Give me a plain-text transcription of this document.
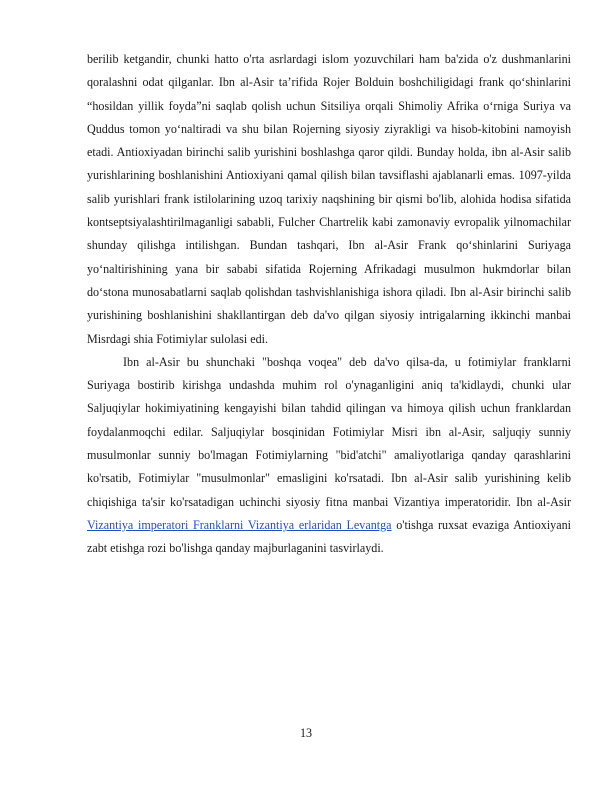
berilib ketgandir, chunki hatto o'rta asrlardagi islom yozuvchilari ham ba'zida o'z dushmanlarini qoralashni odat qilganlar. Ibn al-Asir ta’rifida Rojer Bolduin boshchiligidagi frank qo‘shinlarini “hosildan yillik foyda”ni saqlab qolish uchun Sitsiliya orqali Shimoliy Afrika o‘rniga Suriya va Quddus tomon yo‘naltiradi va shu bilan Rojerning siyosiy ziyrakligi va hisob-kitobini namoyish etadi. Antioxiyadan birinchi salib yurishini boshlashga qaror qildi. Bunday holda, ibn al-Asir salib yurishlarining boshlanishini Antioxiyani qamal qilish bilan tavsiflashi ajablanarli emas. 1097-yilda salib yurishlari frank istilolarining uzoq tarixiy naqshining bir qismi bo'lib, alohida hodisa sifatida kontseptsiyalashtirilmaganligi sababli, Fulcher Chartrelik kabi zamonaviy evropalik yilnomachilar shunday qilishga intilishgan. Bundan tashqari, Ibn al-Asir Frank qo‘shinlarini Suriyaga yo‘naltirishining yana bir sababi sifatida Rojerning Afrikadagi musulmon hukmdorlar bilan do‘stona munosabatlarni saqlab qolishdan tashvishlanishiga ishora qiladi. Ibn al-Asir birinchi salib yurishining boshlanishini shakllantirgan deb da'vo qilgan siyosiy intrigalarning ikkinchi manbai Misrdagi shia Fotimiylar sulolasi edi.

Ibn al-Asir bu shunchaki "boshqa voqea" deb da'vo qilsa-da, u fotimiylar franklarni Suriyaga bostirib kirishga undashda muhim rol o'ynaganligini aniq ta'kidlaydi, chunki ular Saljuqiylar hokimiyatining kengayishi bilan tahdid qilingan va himoya qilish uchun franklardan foydalanmoqchi edilar. Saljuqiylar bosqinidan Fotimiylar Misri ibn al-Asir, saljuqiy sunniy musulmonlar sunniy bo'lmagan Fotimiylarning "bid'atchi" amaliyotlariga qanday qarashlarini ko'rsatib, Fotimiylar "musulmonlar" emasligini ko'rsatadi. Ibn al-Asir salib yurishining kelib chiqishiga ta'sir ko'rsatadigan uchinchi siyosiy fitna manbai Vizantiya imperatoridir. Ibn al-Asir Vizantiya imperatori Franklarni Vizantiya erlaridan Levantga o'tishga ruxsat evaziga Antioxiyani zabt etishga rozi bo'lishga qanday majburlaganini tasvirlaydi.

13
